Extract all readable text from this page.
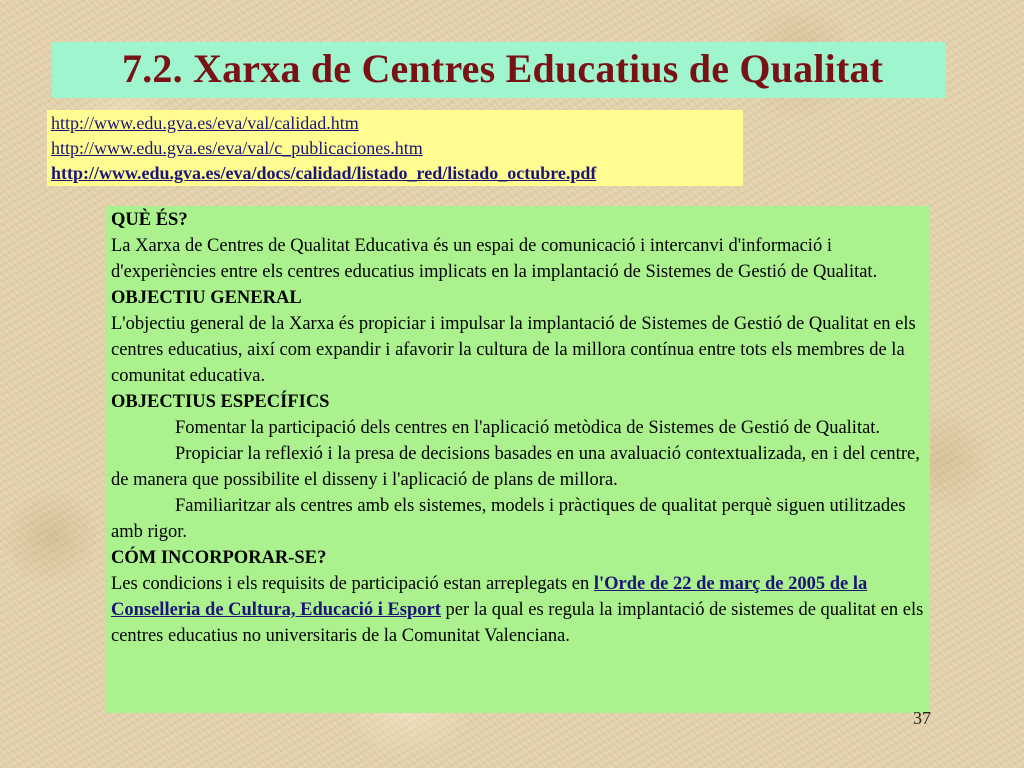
7.2. Xarxa de Centres Educatius de Qualitat
http://www.edu.gva.es/eva/val/calidad.htm
http://www.edu.gva.es/eva/val/c_publicaciones.htm
http://www.edu.gva.es/eva/docs/calidad/listado_red/listado_octubre.pdf

QUÈ ÉS?

La Xarxa de Centres de Qualitat Educativa és un espai de comunicació i intercanvi d'informació i d'experiències entre els centres educatius implicats en la implantació de Sistemes de Gestió de Qualitat.

OBJECTIU GENERAL

L'objectiu general de la Xarxa és propiciar i impulsar la implantació de Sistemes de Gestió de Qualitat en els centres educatius, així com expandir i afavorir la cultura de la millora contínua entre tots els membres de la comunitat educativa.

OBJECTIUS ESPECÍFICS

Fomentar la participació dels centres en l'aplicació metòdica de Sistemes de Gestió de Qualitat.

Propiciar la reflexió i la presa de decisions basades en una avaluació contextualizada, en i del centre, de manera que possibilite el disseny i l'aplicació de plans de millora.

Familiaritzar als centres amb els sistemes, models i pràctiques de qualitat perquè siguen utilitzades amb rigor.

CÓM INCORPORAR-SE?

Les condicions i els requisits de participació estan arreplegats en l'Orde de 22 de març de 2005 de la Conselleria de Cultura, Educació i Esport per la qual es regula la implantació de sistemes de qualitat en els centres educatius no universitaris de la Comunitat Valenciana.

37
